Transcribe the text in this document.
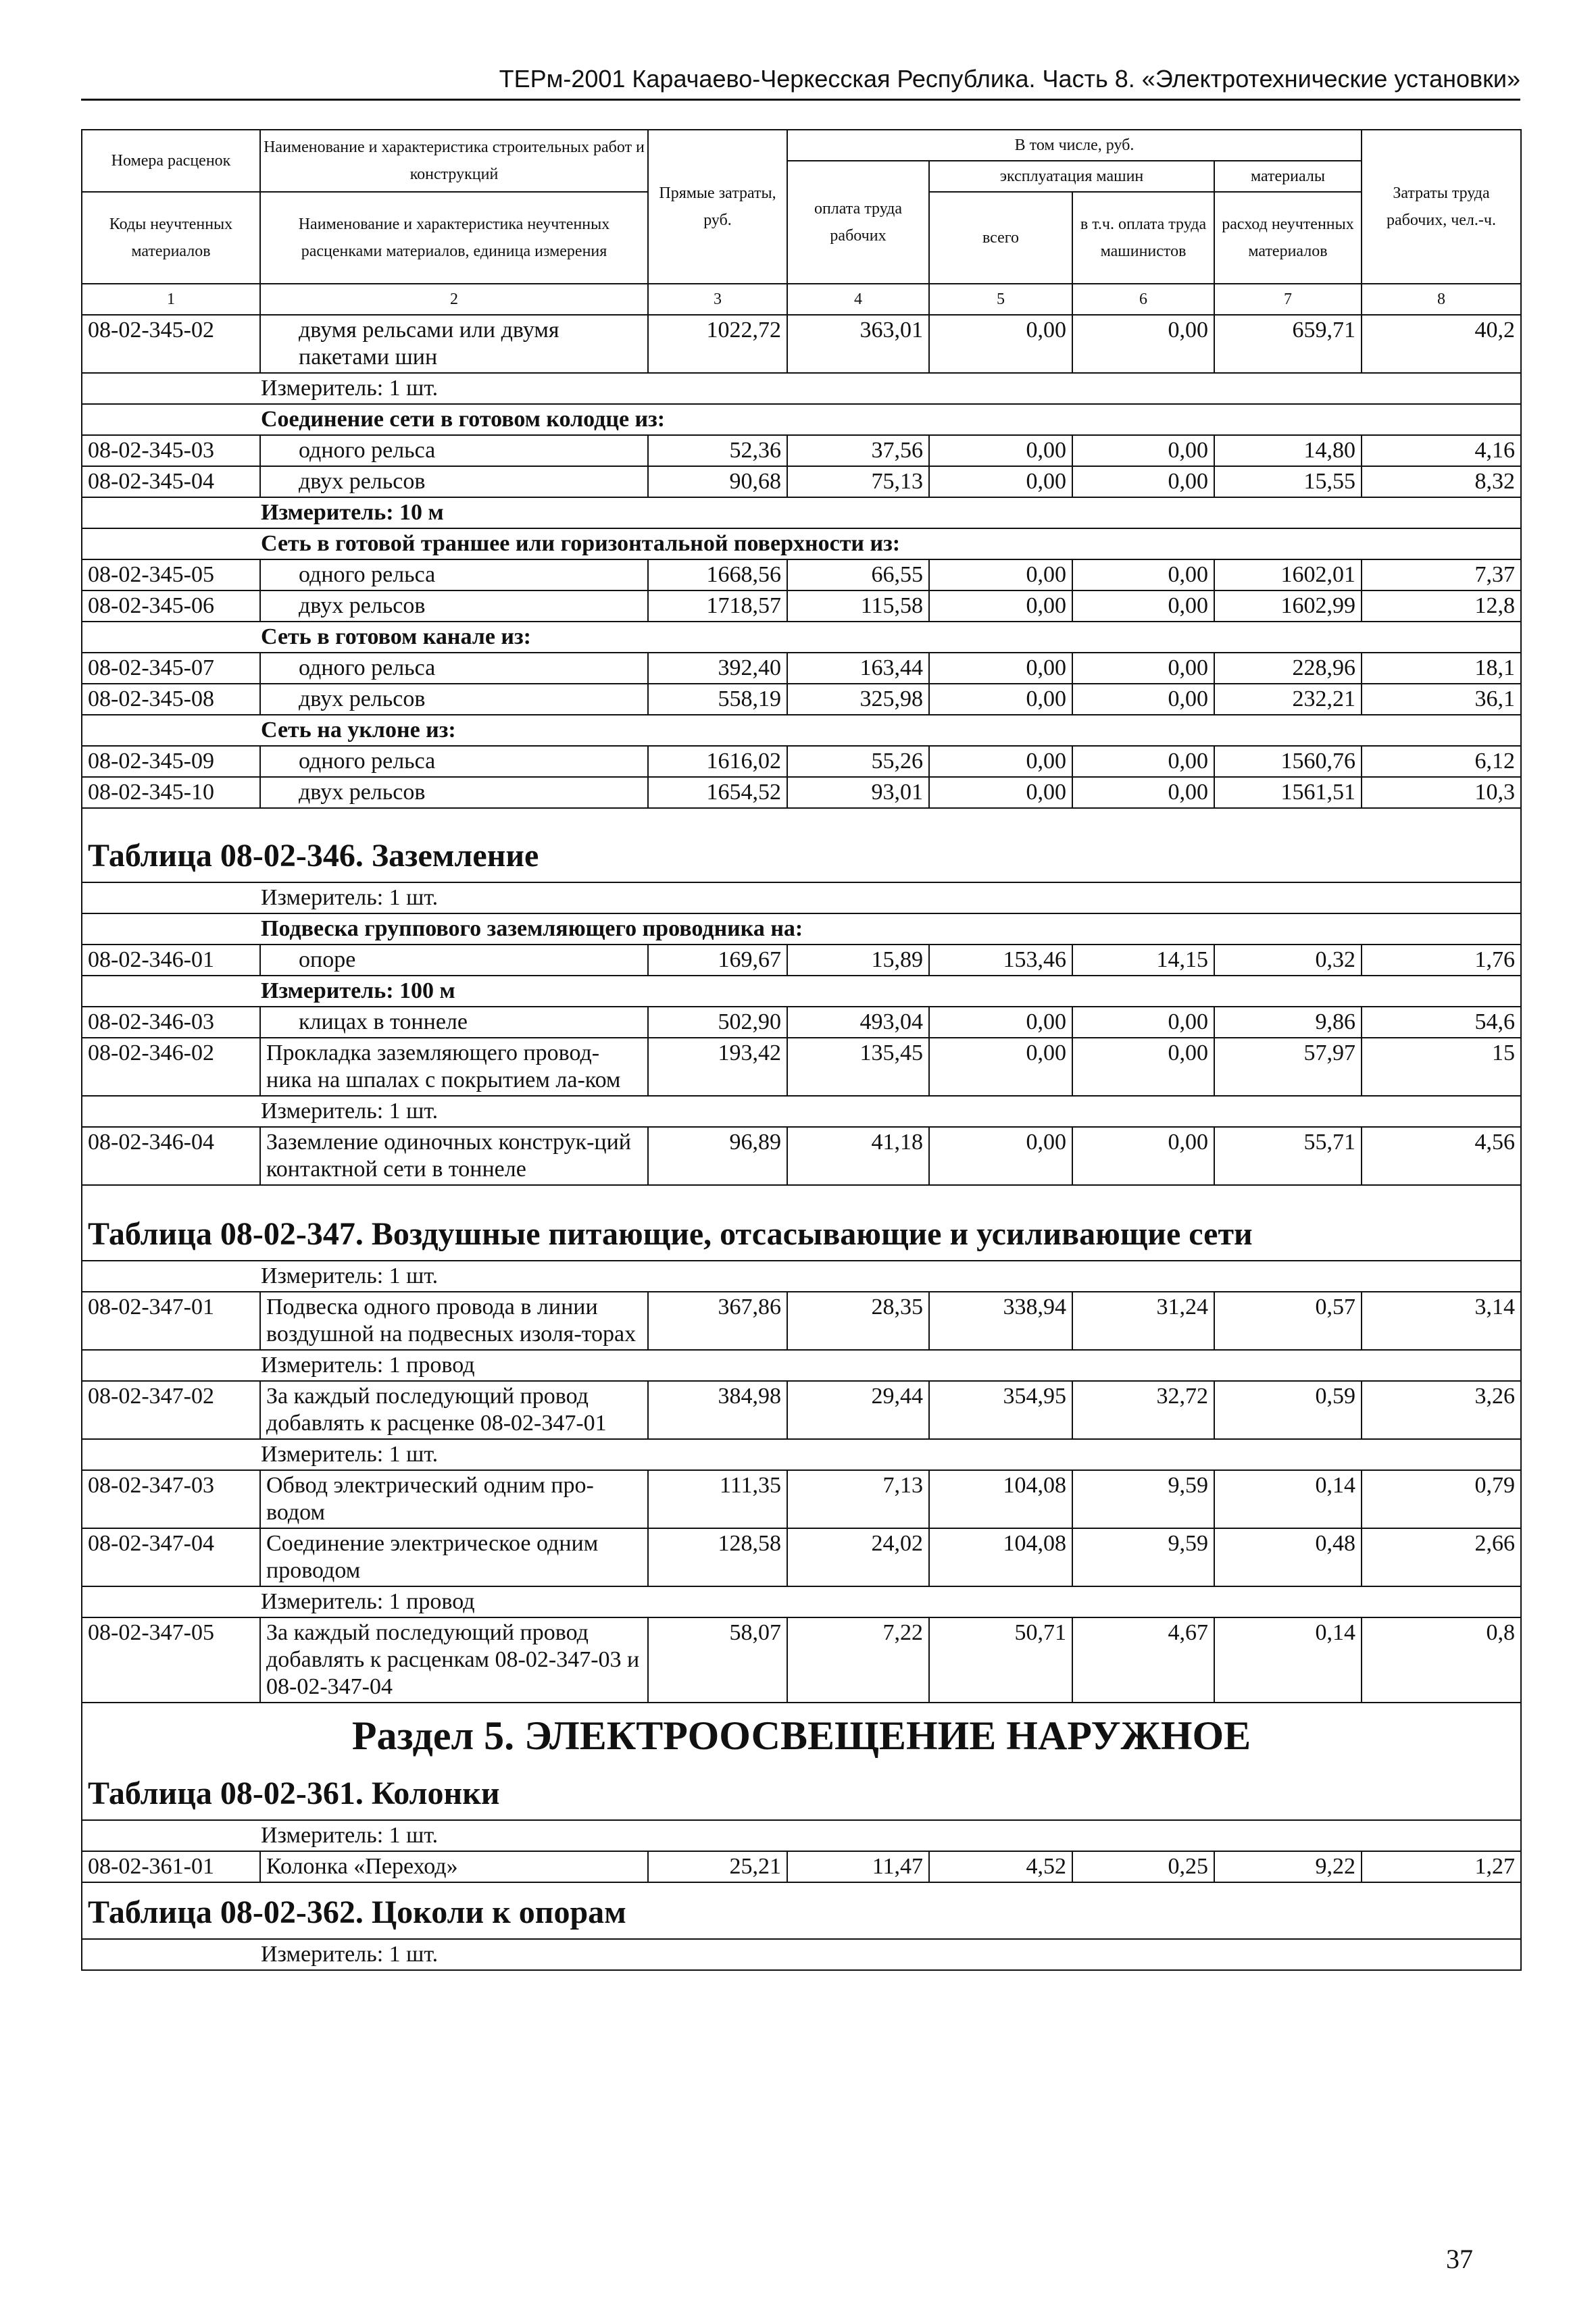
ТЕРм-2001 Карачаево-Черкесская Республика. Часть 8. «Электротехнические установки»
Номера расценок	Наименование и характеристика строительных работ и конструкций	Прямые затраты, руб.	В том числе, руб.				Затраты труда рабочих, чел.-ч.
			оплата труда рабочих	эксплуатация машин		материалы	
Коды неучтенных материалов	Наименование и характеристика неучтенных расценками материалов, единица измерения			всего	в т.ч. оплата труда машинистов	расход неучтенных материалов	

1	2	3	4	5	6	7	8
08-02-345-02	двумя рельсами или двумя пакетами шин	1022,72	363,01	0,00	0,00	659,71	40,2
Измеритель: 1 шт.							
Соединение сети в готовом колодце из:							
08-02-345-03	одного рельса	52,36	37,56	0,00	0,00	14,80	4,16
08-02-345-04	двух рельсов	90,68	75,13	0,00	0,00	15,55	8,32
Измеритель: 10 м							
Сеть в готовой траншее или горизонтальной поверхности из:							
08-02-345-05	одного рельса	1668,56	66,55	0,00	0,00	1602,01	7,37
08-02-345-06	двух рельсов	1718,57	115,58	0,00	0,00	1602,99	12,8
Сеть в готовом канале из:							
08-02-345-07	одного рельса	392,40	163,44	0,00	0,00	228,96	18,1
08-02-345-08	двух рельсов	558,19	325,98	0,00	0,00	232,21	36,1
Сеть на уклоне из:							
08-02-345-09	одного рельса	1616,02	55,26	0,00	0,00	1560,76	6,12
08-02-345-10	двух рельсов	1654,52	93,01	0,00	0,00	1561,51	10,3
Таблица 08-02-346. Заземление							
Измеритель: 1 шт.							
Подвеска группового заземляющего проводника на:							
08-02-346-01	опоре	169,67	15,89	153,46	14,15	0,32	1,76
Измеритель: 100 м							
08-02-346-03	клицах в тоннеле	502,90	493,04	0,00	0,00	9,86	54,6
08-02-346-02	Прокладка заземляющего провод-ника на шпалах с покрытием ла-ком	193,42	135,45	0,00	0,00	57,97	15
Измеритель: 1 шт.							
08-02-346-04	Заземление одиночных конструк-ций контактной сети в тоннеле	96,89	41,18	0,00	0,00	55,71	4,56
Таблица 08-02-347. Воздушные питающие, отсасывающие и усиливающие сети							
Измеритель: 1 шт.							
08-02-347-01	Подвеска одного провода в линии воздушной на подвесных изоля-торах	367,86	28,35	338,94	31,24	0,57	3,14
Измеритель: 1 провод							
08-02-347-02	За каждый последующий провод добавлять к расценке 08-02-347-01	384,98	29,44	354,95	32,72	0,59	3,26
Измеритель: 1 шт.							
08-02-347-03	Обвод электрический одним про-водом	111,35	7,13	104,08	9,59	0,14	0,79
08-02-347-04	Соединение электрическое одним проводом	128,58	24,02	104,08	9,59	0,48	2,66
Измеритель: 1 провод							
08-02-347-05	За каждый последующий провод добавлять к расценкам 08-02-347-03 и 08-02-347-04	58,07	7,22	50,71	4,67	0,14	0,8
Раздел 5. ЭЛЕКТРООСВЕЩЕНИЕ НАРУЖНОЕ							
Таблица 08-02-361. Колонки							
Измеритель: 1 шт.							
08-02-361-01	Колонка «Переход»	25,21	11,47	4,52	0,25	9,22	1,27
Таблица 08-02-362. Цоколи к опорам							
Измеритель: 1 шт.							
37
